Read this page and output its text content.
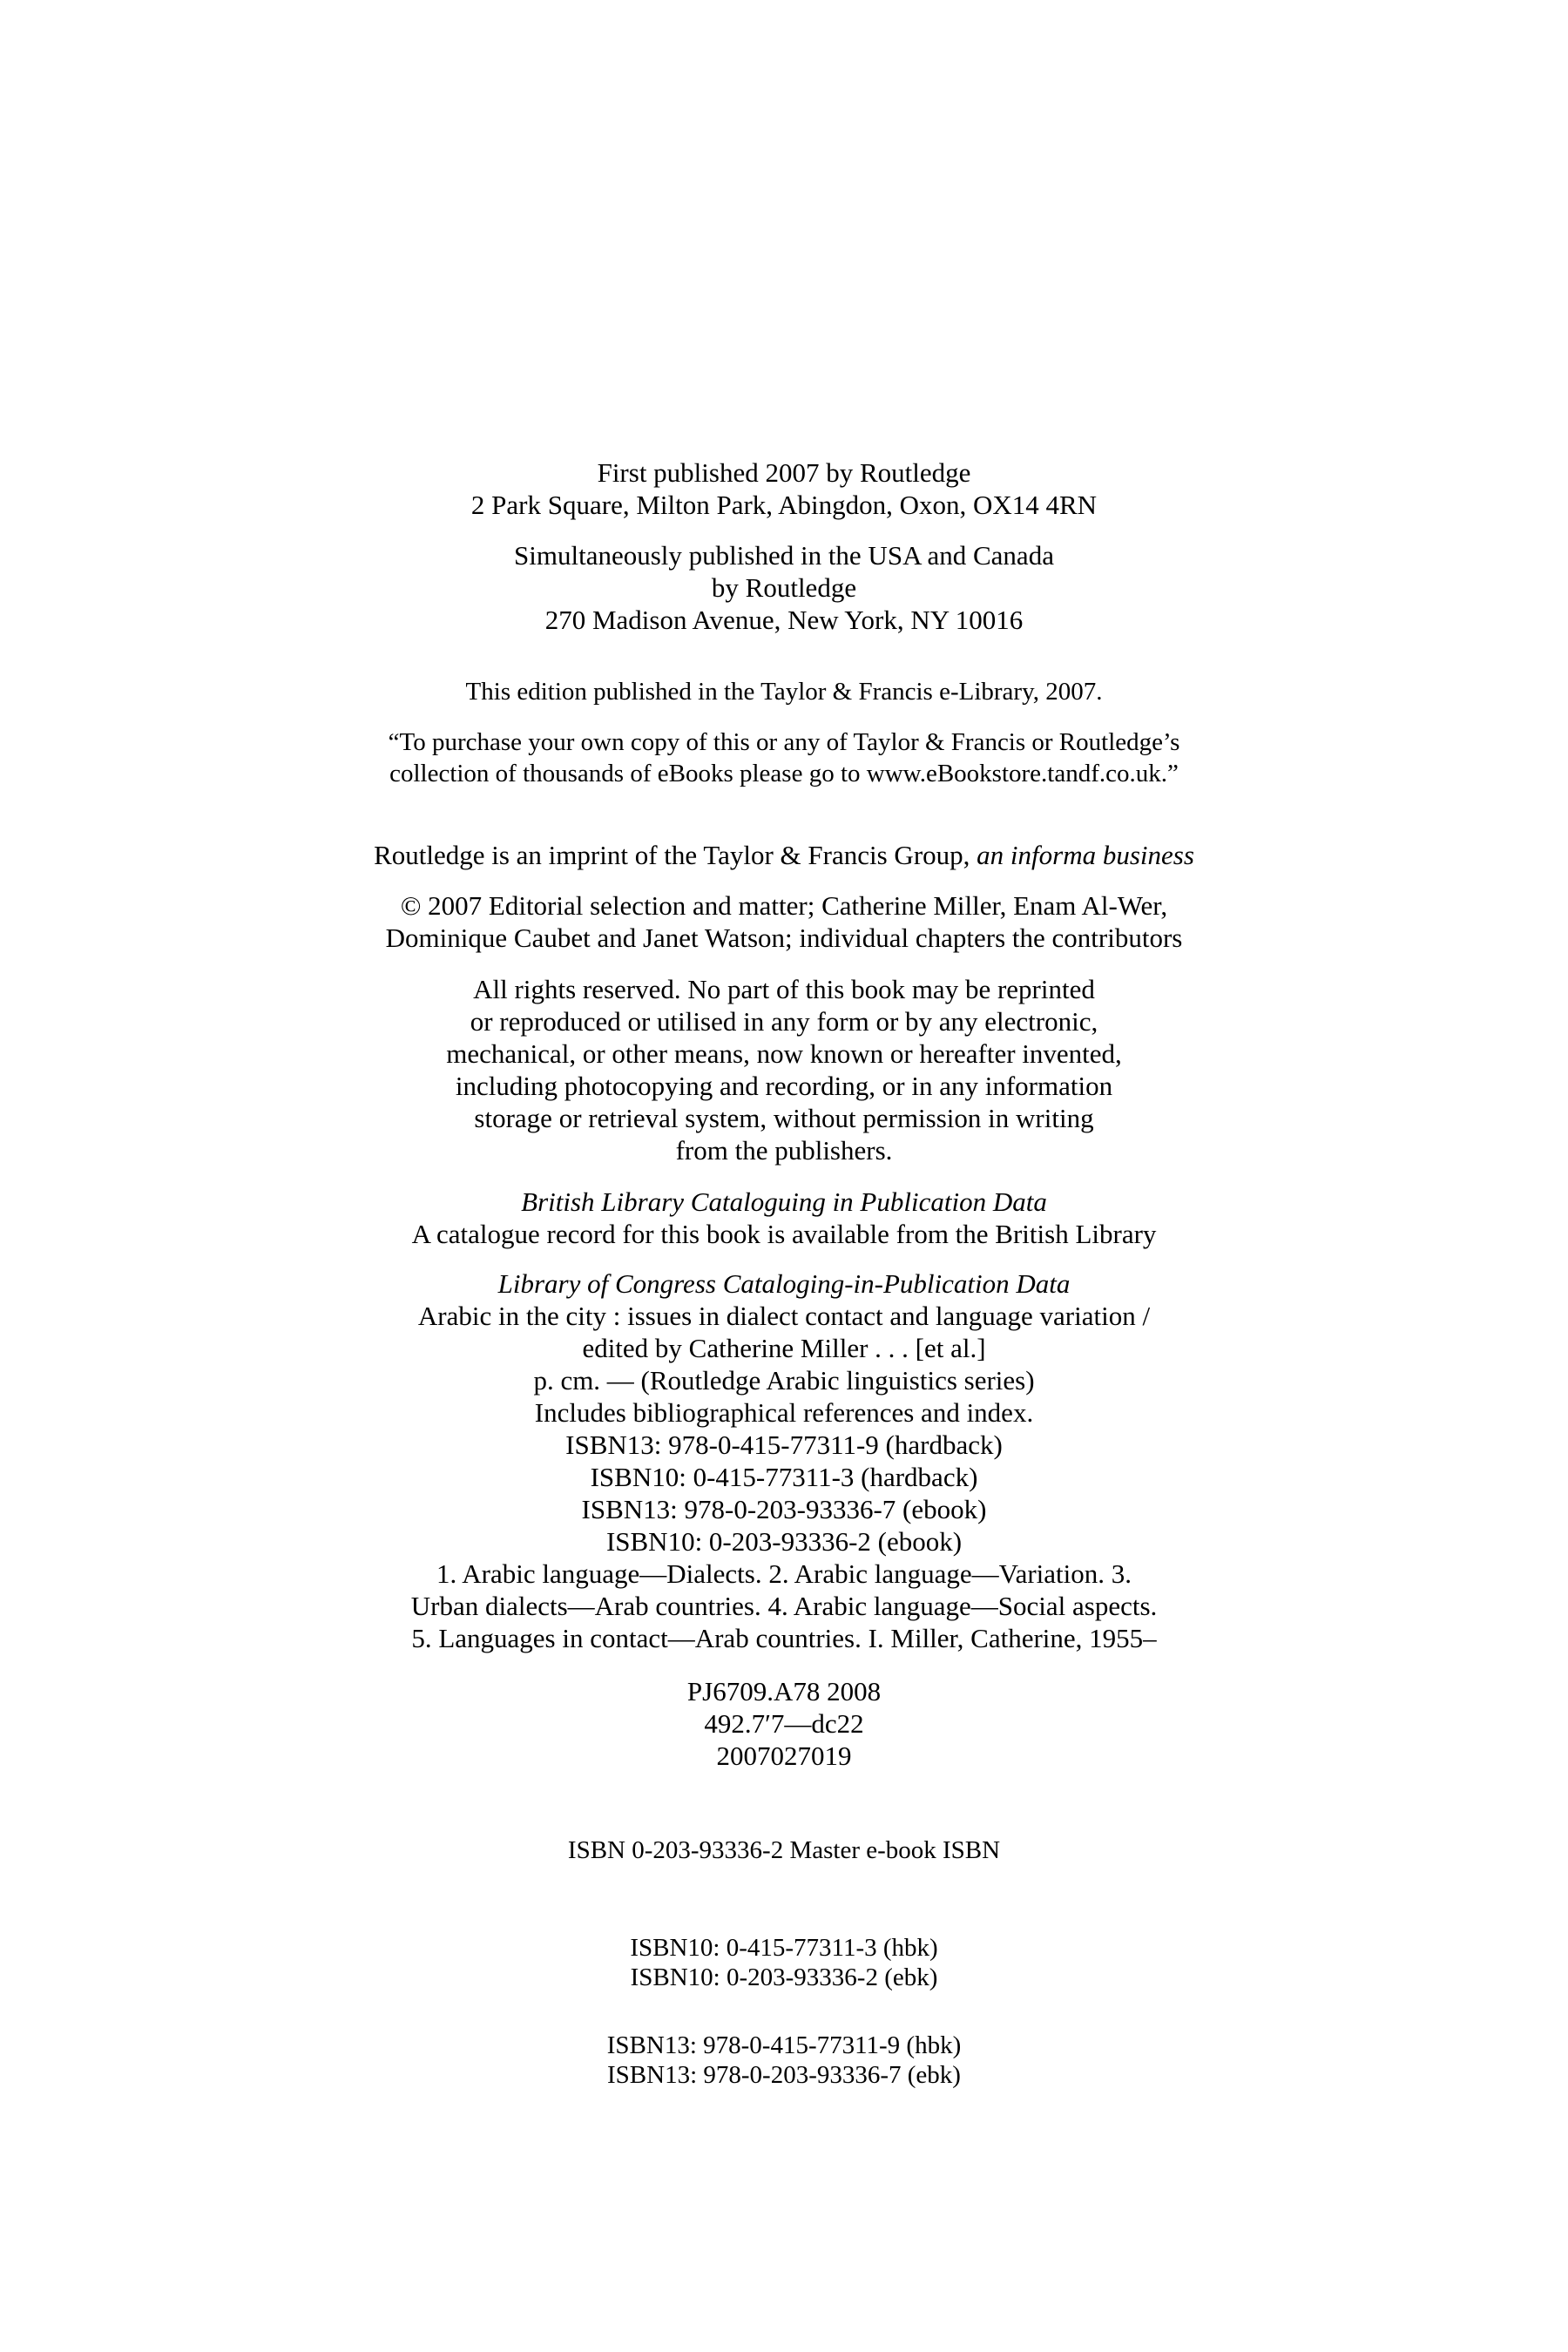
First published 2007 by Routledge
2 Park Square, Milton Park, Abingdon, Oxon, OX14 4RN
Simultaneously published in the USA and Canada
by Routledge
270 Madison Avenue, New York, NY 10016
This edition published in the Taylor & Francis e-Library, 2007.
“To purchase your own copy of this or any of Taylor & Francis or Routledge’s
collection of thousands of eBooks please go to www.eBookstore.tandf.co.uk.”
Routledge is an imprint of the Taylor & Francis Group, an informa business
© 2007 Editorial selection and matter; Catherine Miller, Enam Al-Wer,
Dominique Caubet and Janet Watson; individual chapters the contributors
All rights reserved. No part of this book may be reprinted
or reproduced or utilised in any form or by any electronic,
mechanical, or other means, now known or hereafter invented,
including photocopying and recording, or in any information
storage or retrieval system, without permission in writing
from the publishers.
British Library Cataloguing in Publication Data
A catalogue record for this book is available from the British Library
Library of Congress Cataloging-in-Publication Data
Arabic in the city : issues in dialect contact and language variation /
edited by Catherine Miller . . . [et al.]
p. cm. — (Routledge Arabic linguistics series)
Includes bibliographical references and index.
ISBN13: 978-0-415-77311-9 (hardback)
ISBN10: 0-415-77311-3 (hardback)
ISBN13: 978-0-203-93336-7 (ebook)
ISBN10: 0-203-93336-2 (ebook)
1. Arabic language—Dialects. 2. Arabic language—Variation. 3.
Urban dialects—Arab countries. 4. Arabic language—Social aspects.
5. Languages in contact—Arab countries. I. Miller, Catherine, 1955–
PJ6709.A78 2008
492.7′7—dc22
2007027019
ISBN 0-203-93336-2 Master e-book ISBN
ISBN10: 0-415-77311-3 (hbk)
ISBN10: 0-203-93336-2 (ebk)
ISBN13: 978-0-415-77311-9 (hbk)
ISBN13: 978-0-203-93336-7 (ebk)
